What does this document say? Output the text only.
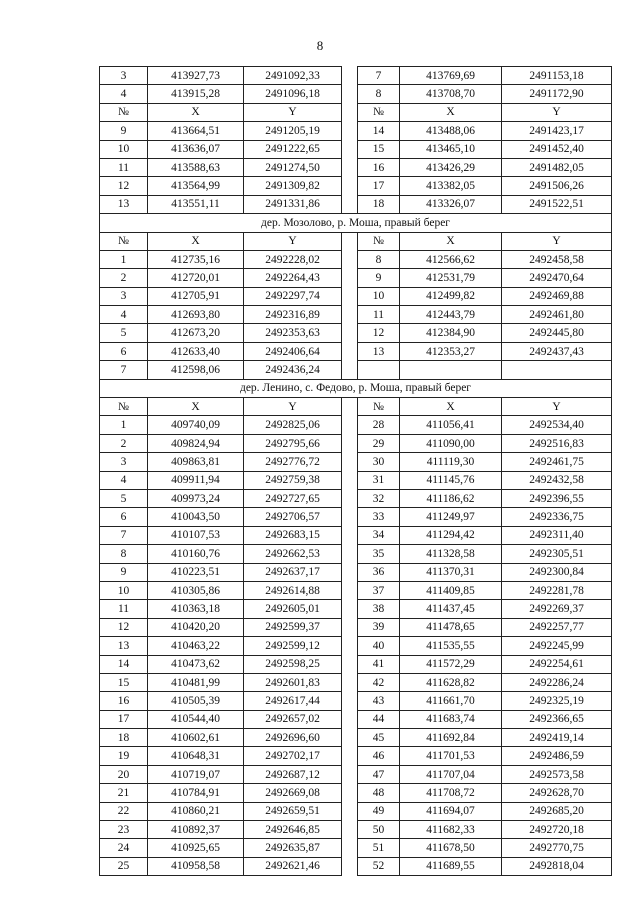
8
3	413927,73	2491092,33		7	413769,69	2491153,18
4	413915,28	2491096,18		8	413708,70	2491172,90
№	X	Y		№	X	Y
9	413664,51	2491205,19		14	413488,06	2491423,17
10	413636,07	2491222,65		15	413465,10	2491452,40
11	413588,63	2491274,50		16	413426,29	2491482,05
12	413564,99	2491309,82		17	413382,05	2491506,26
13	413551,11	2491331,86		18	413326,07	2491522,51
дер. Мозолово, р. Моша, правый берег						
№	X	Y		№	X	Y
1	412735,16	2492228,02		8	412566,62	2492458,58
2	412720,01	2492264,43		9	412531,79	2492470,64
3	412705,91	2492297,74		10	412499,82	2492469,88
4	412693,80	2492316,89		11	412443,79	2492461,80
5	412673,20	2492353,63		12	412384,90	2492445,80
6	412633,40	2492406,64		13	412353,27	2492437,43
7	412598,06	2492436,24				
дер. Ленино, с. Федово, р. Моша, правый берег						
№	X	Y		№	X	Y
1	409740,09	2492825,06		28	411056,41	2492534,40
2	409824,94	2492795,66		29	411090,00	2492516,83
3	409863,81	2492776,72		30	411119,30	2492461,75
4	409911,94	2492759,38		31	411145,76	2492432,58
5	409973,24	2492727,65		32	411186,62	2492396,55
6	410043,50	2492706,57		33	411249,97	2492336,75
7	410107,53	2492683,15		34	411294,42	2492311,40
8	410160,76	2492662,53		35	411328,58	2492305,51
9	410223,51	2492637,17		36	411370,31	2492300,84
10	410305,86	2492614,88		37	411409,85	2492281,78
11	410363,18	2492605,01		38	411437,45	2492269,37
12	410420,20	2492599,37		39	411478,65	2492257,77
13	410463,22	2492599,12		40	411535,55	2492245,99
14	410473,62	2492598,25		41	411572,29	2492254,61
15	410481,99	2492601,83		42	411628,82	2492286,24
16	410505,39	2492617,44		43	411661,70	2492325,19
17	410544,40	2492657,02		44	411683,74	2492366,65
18	410602,61	2492696,60		45	411692,84	2492419,14
19	410648,31	2492702,17		46	411701,53	2492486,59
20	410719,07	2492687,12		47	411707,04	2492573,58
21	410784,91	2492669,08		48	411708,72	2492628,70
22	410860,21	2492659,51		49	411694,07	2492685,20
23	410892,37	2492646,85		50	411682,33	2492720,18
24	410925,65	2492635,87		51	411678,50	2492770,75
25	410958,58	2492621,46		52	411689,55	2492818,04
